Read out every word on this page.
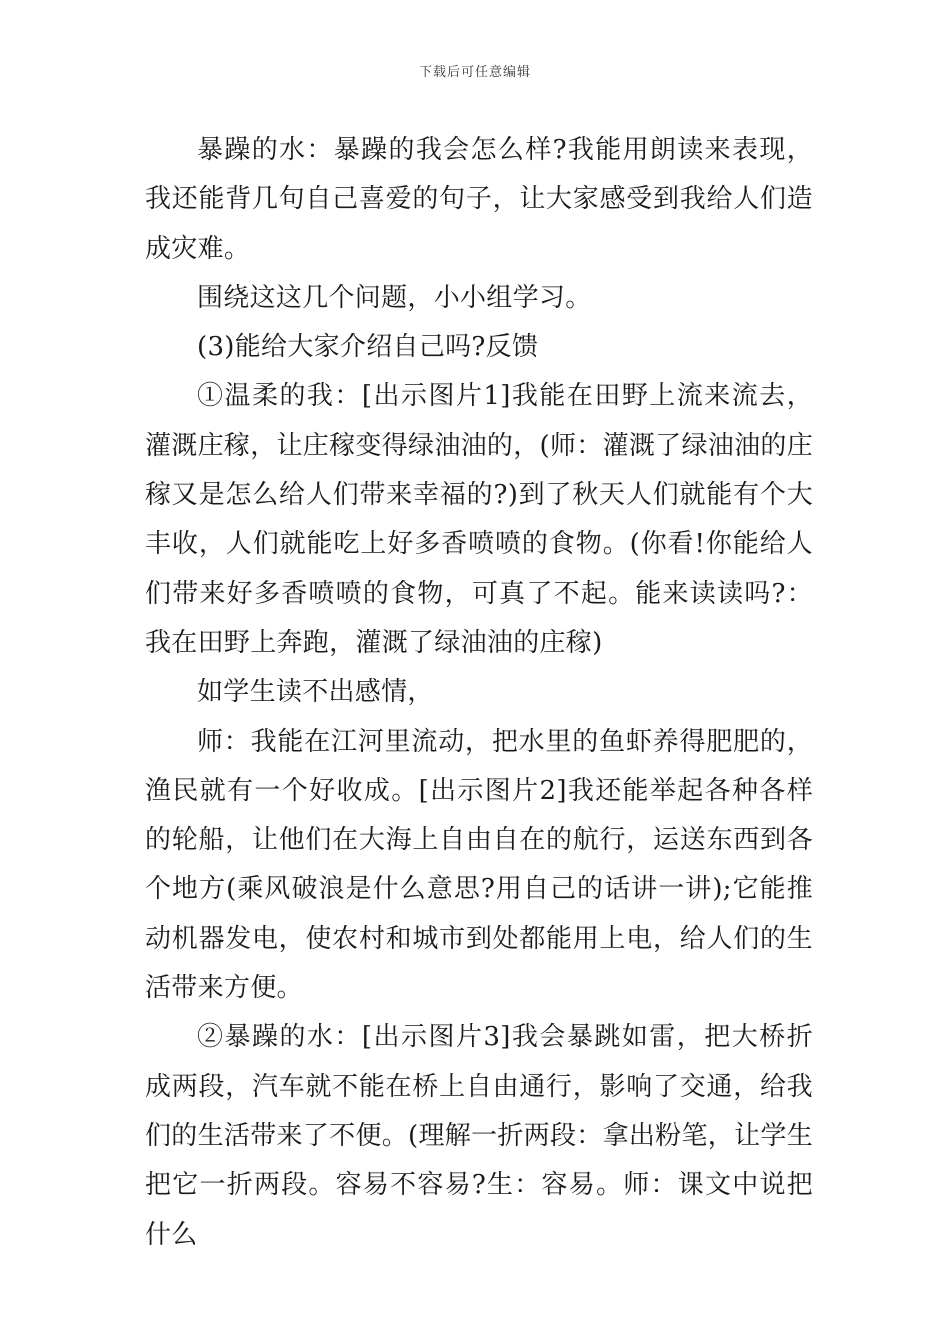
下载后可任意编辑

暴躁的水：暴躁的我会怎么样?我能用朗读来表现，我还能背几句自己喜爱的句子，让大家感受到我给人们造成灾难。

围绕这这几个问题，小小组学习。

(3)能给大家介绍自己吗?反馈

①温柔的我：[出示图片1]我能在田野上流来流去，灌溉庄稼，让庄稼变得绿油油的，(师：灌溉了绿油油的庄稼又是怎么给人们带来幸福的?)到了秋天人们就能有个大丰收，人们就能吃上好多香喷喷的食物。(你看!你能给人们带来好多香喷喷的食物，可真了不起。能来读读吗?：我在田野上奔跑，灌溉了绿油油的庄稼)

如学生读不出感情，

师：我能在江河里流动，把水里的鱼虾养得肥肥的，渔民就有一个好收成。[出示图片2]我还能举起各种各样的轮船，让他们在大海上自由自在的航行，运送东西到各个地方(乘风破浪是什么意思?用自己的话讲一讲);它能推动机器发电，使农村和城市到处都能用上电，给人们的生活带来方便。

②暴躁的水：[出示图片3]我会暴跳如雷，把大桥折成两段，汽车就不能在桥上自由通行，影响了交通，给我们的生活带来了不便。(理解一折两段：拿出粉笔，让学生把它一折两段。容易不容易?生：容易。师：课文中说把什么
